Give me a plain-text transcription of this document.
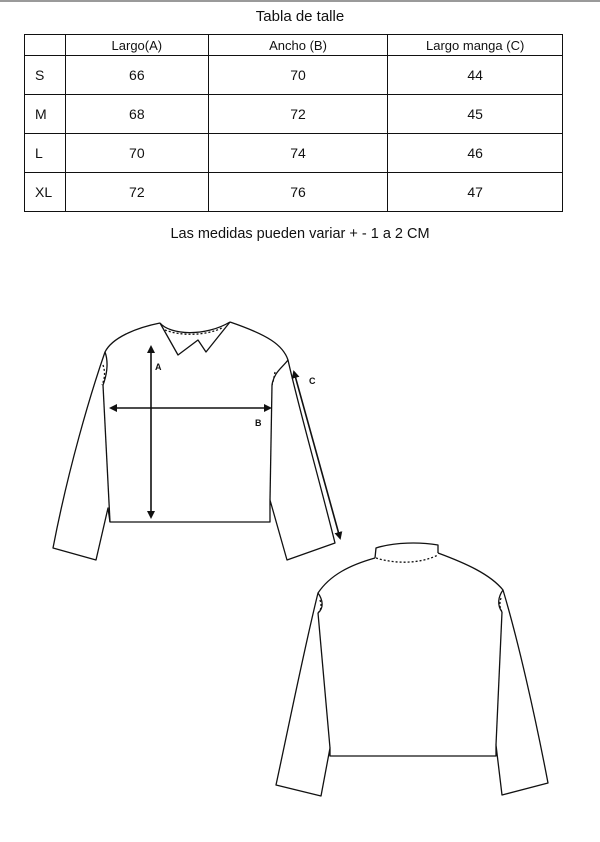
Tabla de talle
	Largo(A)	Ancho (B)	Largo manga (C)
S	66	70	44
M	68	72	45
L	70	74	46
XL	72	76	47
Las medidas pueden variar + - 1 a 2 CM
A
B
C
